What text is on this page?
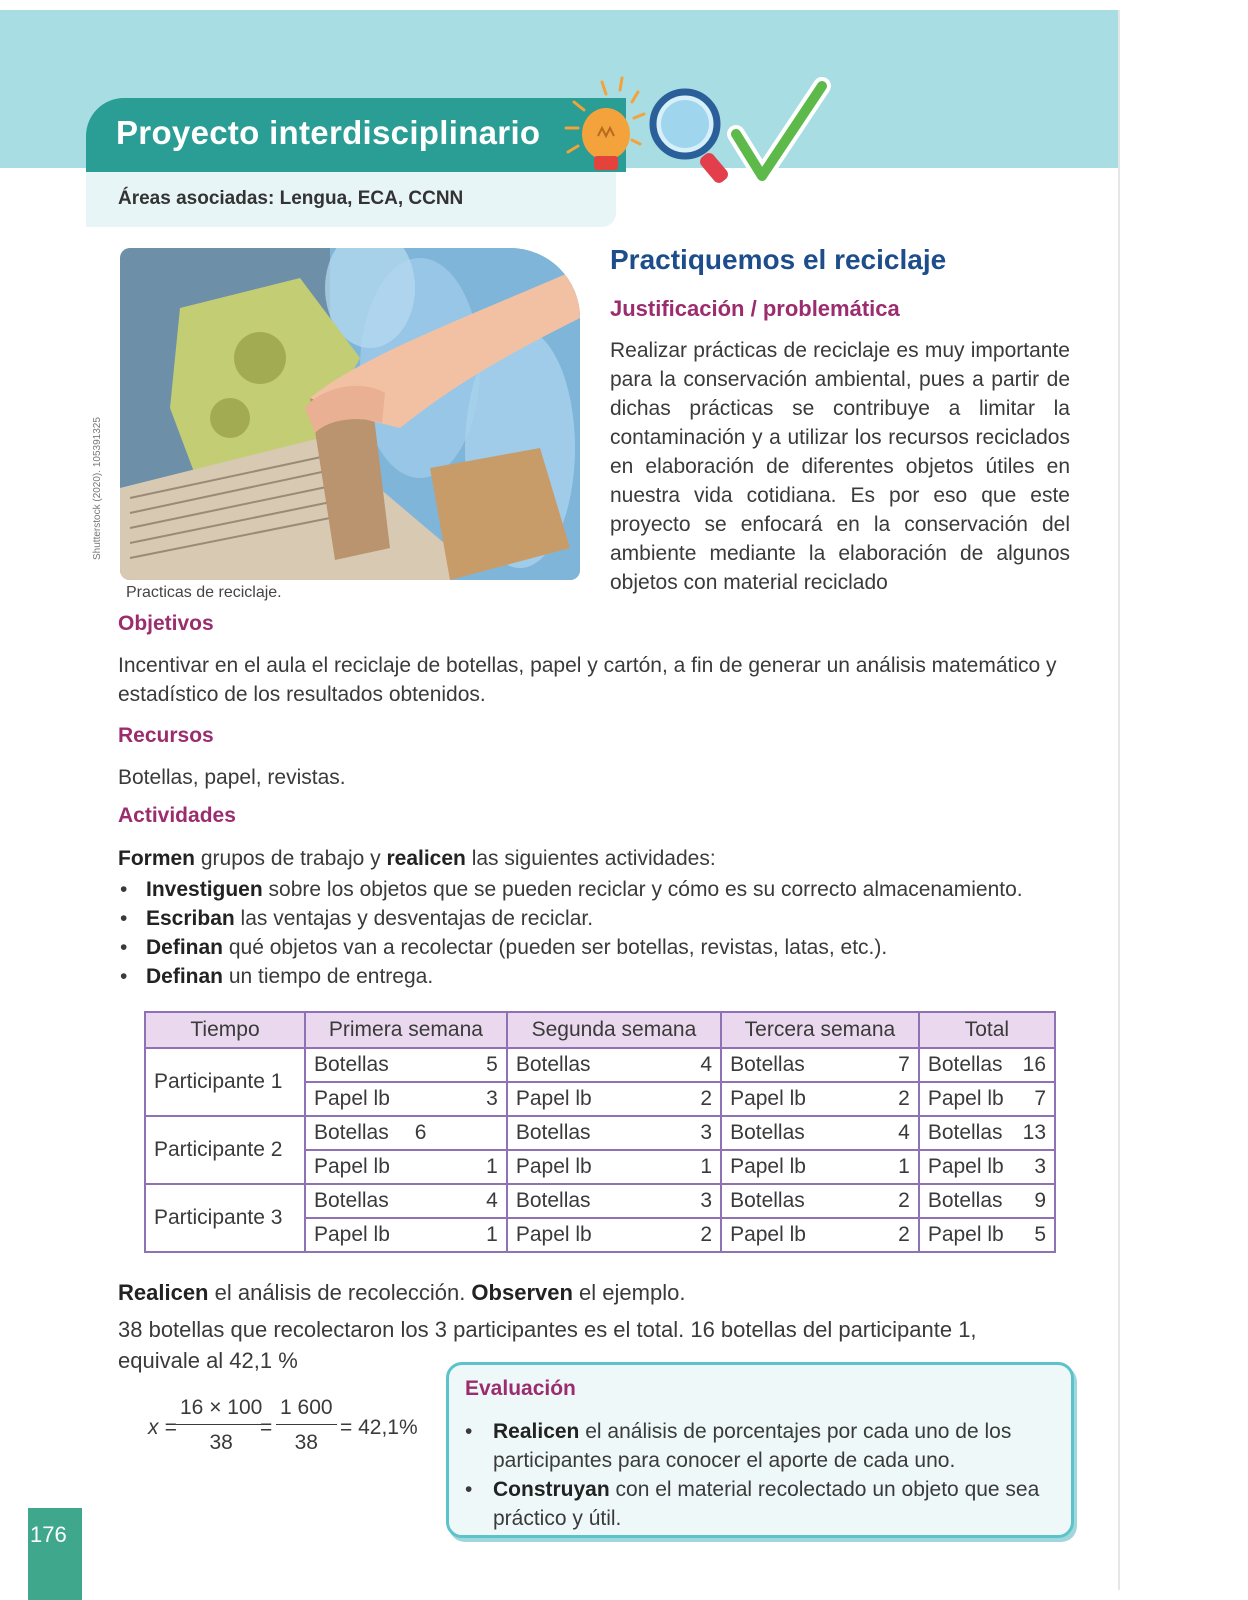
Proyecto interdisciplinario
Áreas asociadas: Lengua, ECA, CCNN
Shutterstock (2020). 105391325
Practicas de reciclaje.
Practiquemos el reciclaje
Justificación / problemática
Realizar prácticas de reciclaje es muy importante para la conservación ambiental, pues a partir de dichas prácticas se contribuye a limitar la contaminación y a utilizar los recursos reciclados en elaboración de diferentes objetos útiles en nuestra vida cotidiana. Es por eso que este proyecto se enfocará en la conservación del ambiente mediante la elaboración de algunos objetos con material reciclado
Objetivos
Incentivar en el aula el reciclaje de botellas, papel y cartón, a fin de generar un análisis matemático y estadístico de los resultados obtenidos.
Recursos
Botellas, papel, revistas.
Actividades
Formen grupos de trabajo y realicen las siguientes actividades:
• Investiguen sobre los objetos que se pueden reciclar y cómo es su correcto almacenamiento.
• Escriban las ventajas y desventajas de reciclar.
• Definan qué objetos van a recolectar (pueden ser botellas, revistas, latas, etc.).
• Definan un tiempo de entrega.
Tiempo	Primera semana	Segunda semana	Tercera semana	Total
Participante 1	Botellas 5	Botellas 4	Botellas 7	Botellas 16

	Papel lb 3	Papel lb 2	Papel lb 2	Papel lb 7

Participante 2	Botellas 6	Botellas 3	Botellas 4	Botellas 13

	Papel lb 1	Papel lb 1	Papel lb 1	Papel lb 3

Participante 3	Botellas 4	Botellas 3	Botellas 2	Botellas 9

	Papel lb 1	Papel lb 2	Papel lb 2	Papel lb 5
Realicen el análisis de recolección. Observen el ejemplo.
38 botellas que recolectaron los 3 participantes es el total. 16 botellas del participante 1, equivale al 42,1 %
$x = \frac{16 \times 100}{38}$
= $\frac{1 600}{38} = 42,1\%$
Evaluación
• Realicen el análisis de porcentajes por cada uno de los participantes para conocer el aporte de cada uno.
• Construyan con el material recolectado un objeto que sea práctico y útil.
176
